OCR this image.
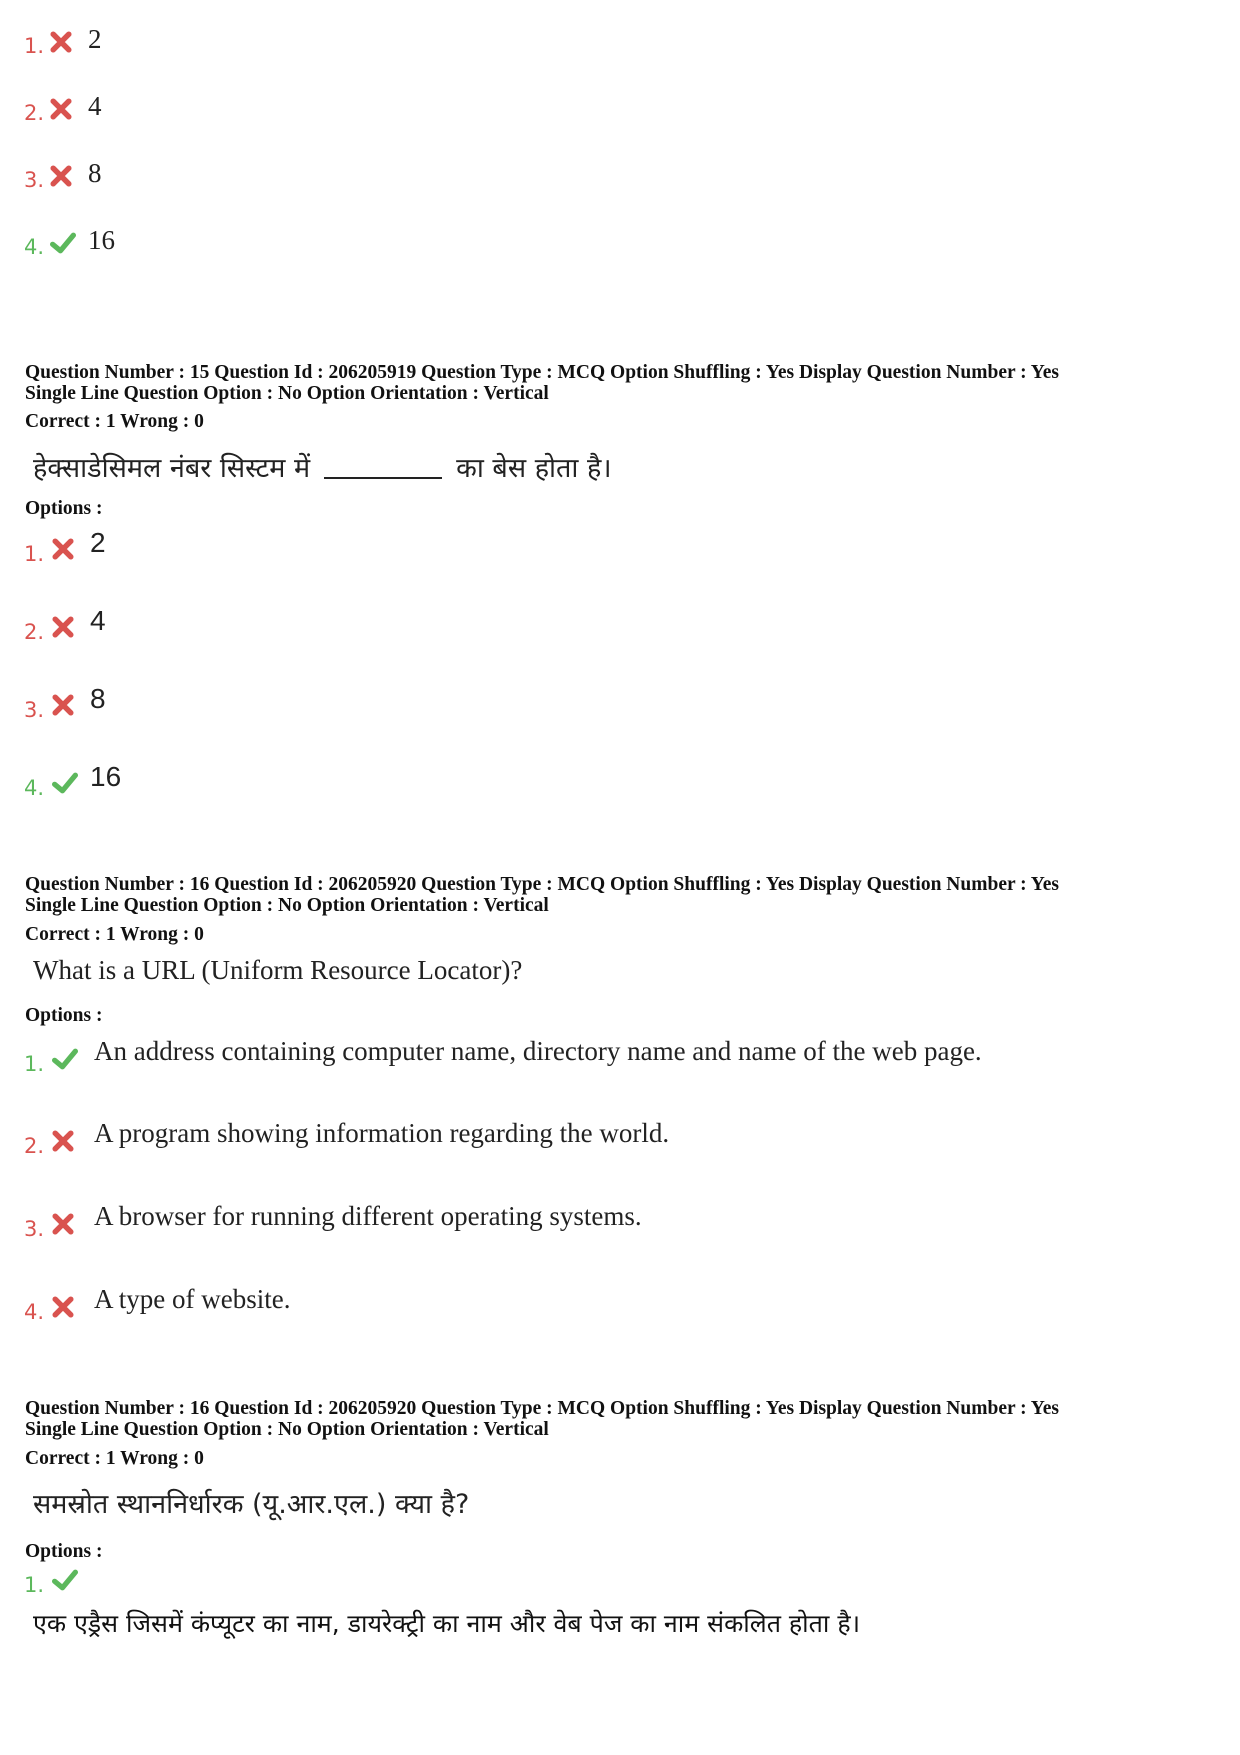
1. 2
2. 4
3. 8
4. 16
Question Number : 15 Question Id : 206205919 Question Type : MCQ Option Shuffling : Yes Display Question Number : Yes
Single Line Question Option : No Option Orientation : Vertical
Correct : 1 Wrong : 0
हेक्साडेसिमल नंबर सिस्टम में	का बेस होता है।
Options :
1. 2
2. 4
3. 8
4. 16
Question Number : 16 Question Id : 206205920 Question Type : MCQ Option Shuffling : Yes Display Question Number : Yes
Single Line Question Option : No Option Orientation : Vertical
Correct : 1 Wrong : 0
What is a URL (Uniform Resource Locator)?
Options :
1. An address containing computer name, directory name and name of the web page.
2. A program showing information regarding the world.
3. A browser for running different operating systems.
4. A type of website.
Question Number : 16 Question Id : 206205920 Question Type : MCQ Option Shuffling : Yes Display Question Number : Yes
Single Line Question Option : No Option Orientation : Vertical
Correct : 1 Wrong : 0
समस्रोत स्थाननिर्धारक (यू.आर.एल.) क्या है?
Options :
1.
एक एड्रैस जिसमें कंप्यूटर का नाम, डायरेक्ट्री का नाम और वेब पेज का नाम संकलित होता है।
